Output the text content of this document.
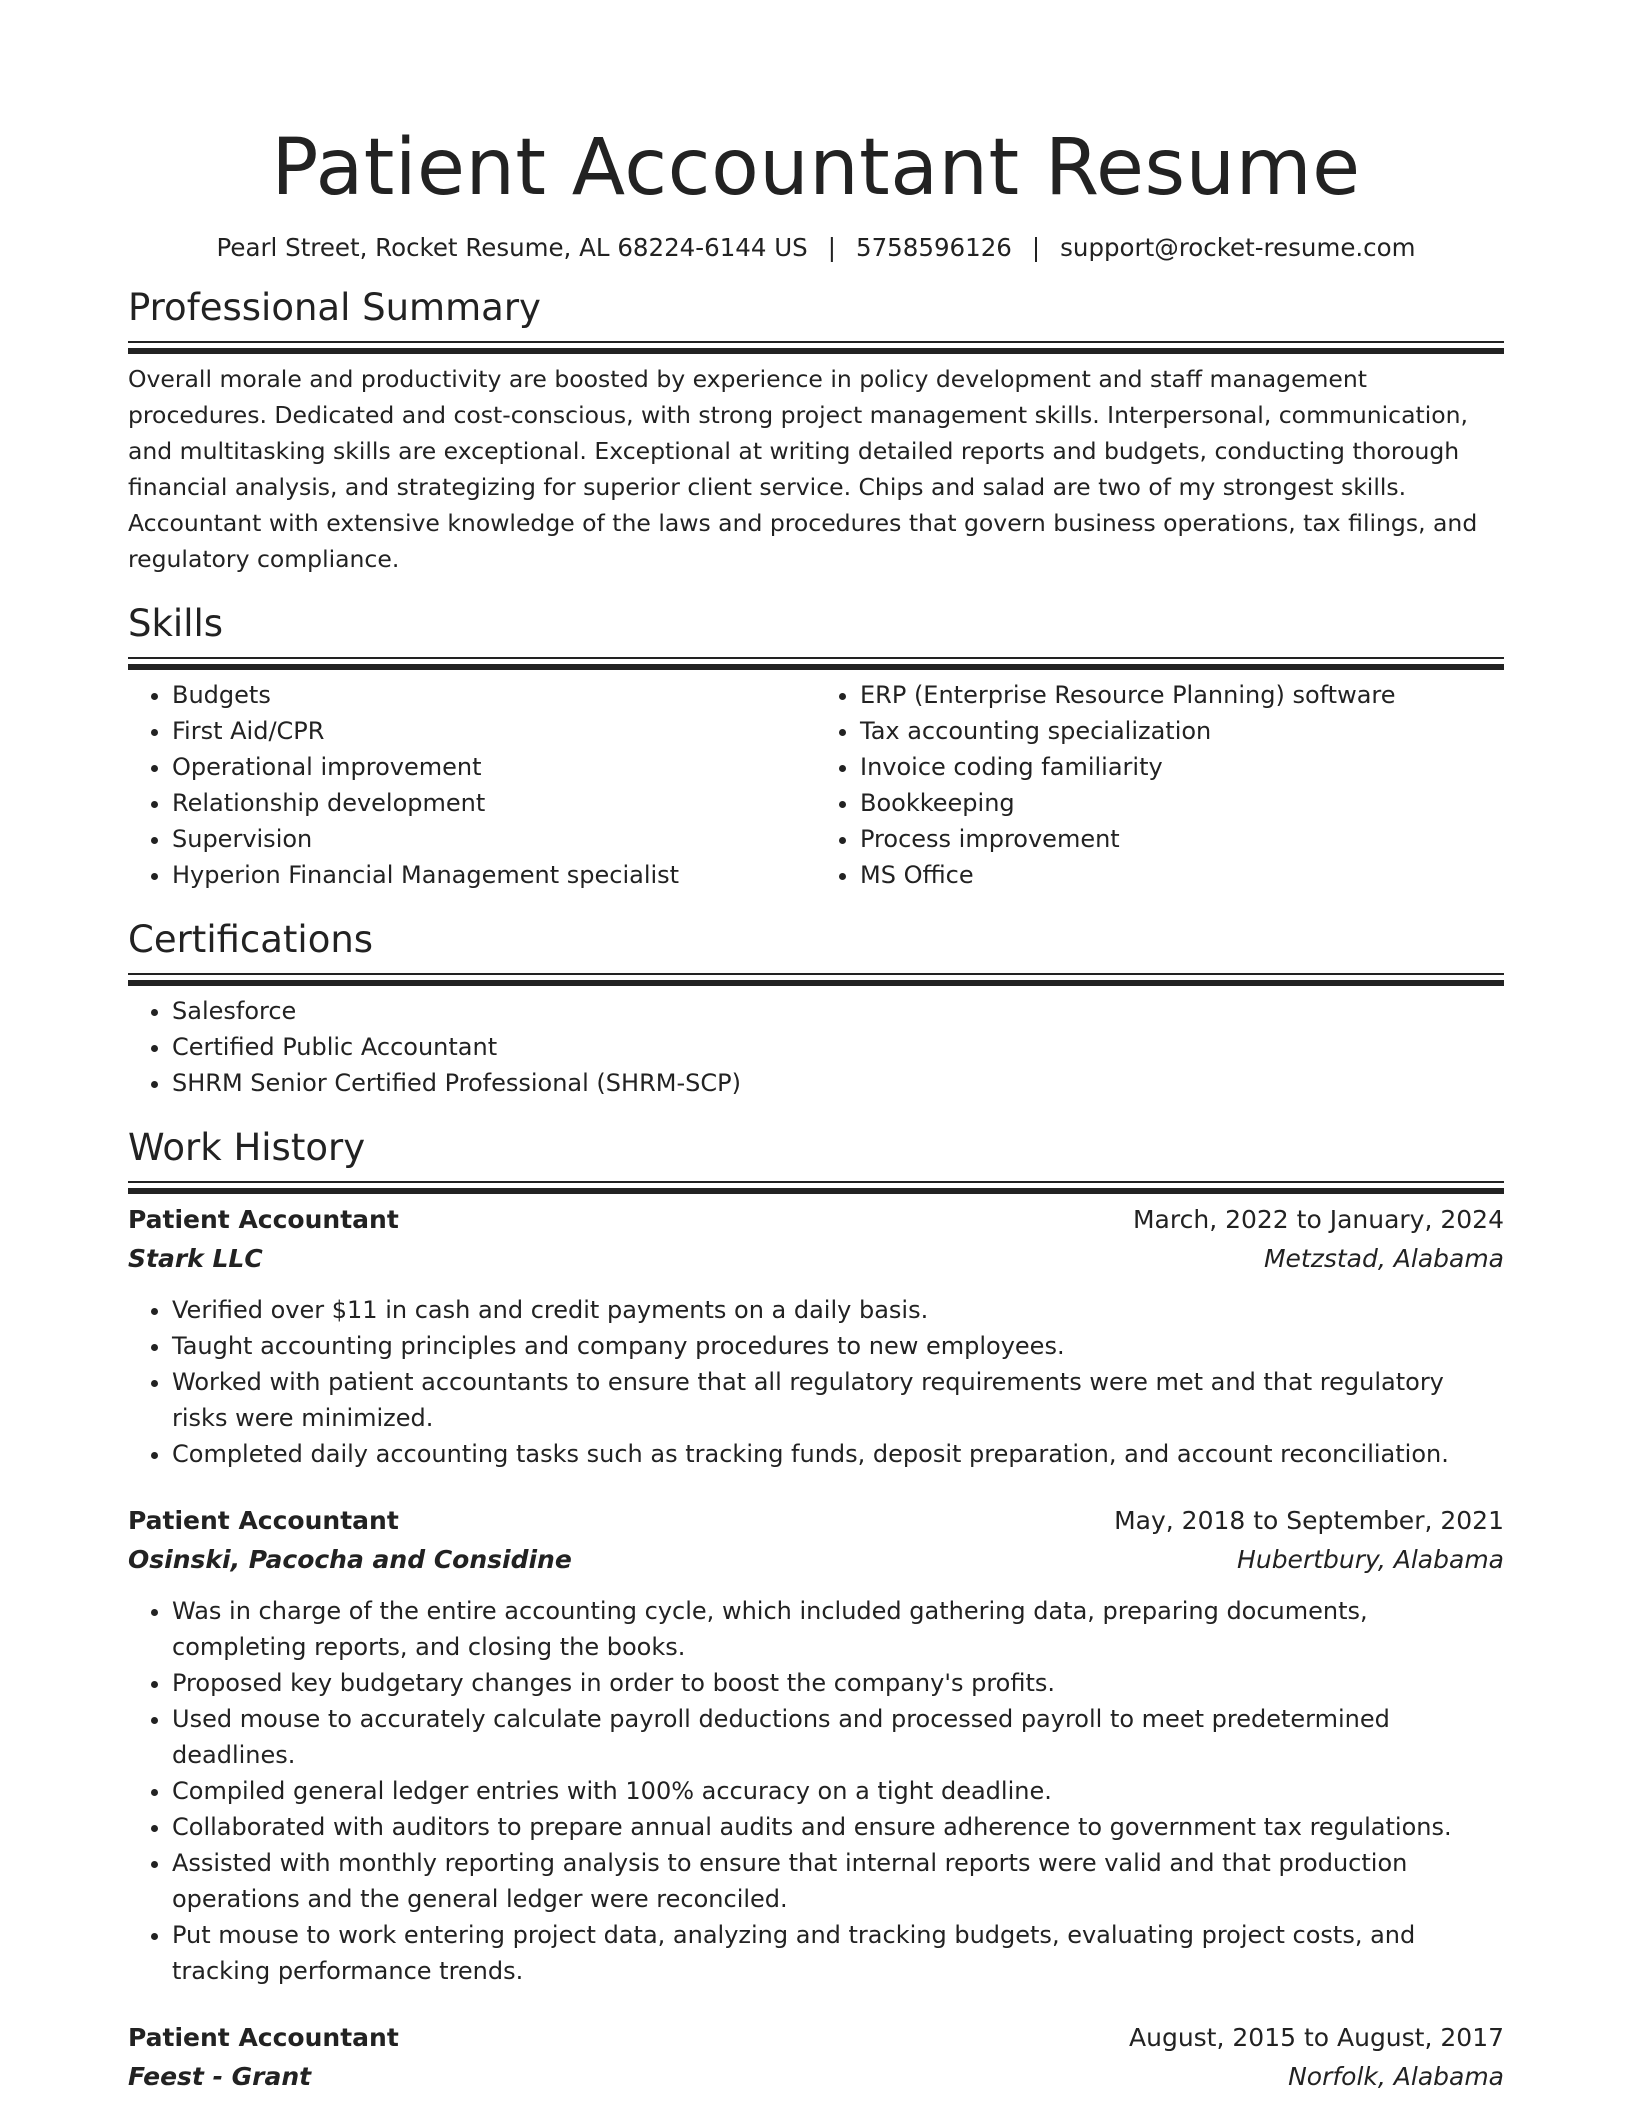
Patient Accountant Resume
Pearl Street, Rocket Resume, AL 68224-6144 US | 5758596126 | support@rocket-resume.com
Professional Summary

Overall morale and productivity are boosted by experience in policy development and staff management procedures. Dedicated and cost-conscious, with strong project management skills. Interpersonal, communication, and multitasking skills are exceptional. Exceptional at writing detailed reports and budgets, conducting thorough financial analysis, and strategizing for superior client service. Chips and salad are two of my strongest skills. Accountant with extensive knowledge of the laws and procedures that govern business operations, tax filings, and regulatory compliance.

Skills
• Budgets
• First Aid/CPR
• Operational improvement
• Relationship development
• Supervision
• Hyperion Financial Management specialist
• ERP (Enterprise Resource Planning) software
• Tax accounting specialization
• Invoice coding familiarity
• Bookkeeping
• Process improvement
• MS Office
Certifications
• Salesforce
• Certified Public Accountant
• SHRM Senior Certified Professional (SHRM-SCP)
Work History
Patient Accountant	March, 2022 to January, 2024
Stark LLC	Metzstad, Alabama
• Verified over $11 in cash and credit payments on a daily basis.
• Taught accounting principles and company procedures to new employees.
• Worked with patient accountants to ensure that all regulatory requirements were met and that regulatory risks were minimized.
• Completed daily accounting tasks such as tracking funds, deposit preparation, and account reconciliation.
Patient Accountant	May, 2018 to September, 2021
Osinski, Pacocha and Considine	Hubertbury, Alabama
• Was in charge of the entire accounting cycle, which included gathering data, preparing documents, completing reports, and closing the books.
• Proposed key budgetary changes in order to boost the company's profits.
• Used mouse to accurately calculate payroll deductions and processed payroll to meet predetermined deadlines.
• Compiled general ledger entries with 100% accuracy on a tight deadline.
• Collaborated with auditors to prepare annual audits and ensure adherence to government tax regulations.
• Assisted with monthly reporting analysis to ensure that internal reports were valid and that production operations and the general ledger were reconciled.
• Put mouse to work entering project data, analyzing and tracking budgets, evaluating project costs, and tracking performance trends.
Patient Accountant	August, 2015 to August, 2017
Feest - Grant	Norfolk, Alabama
